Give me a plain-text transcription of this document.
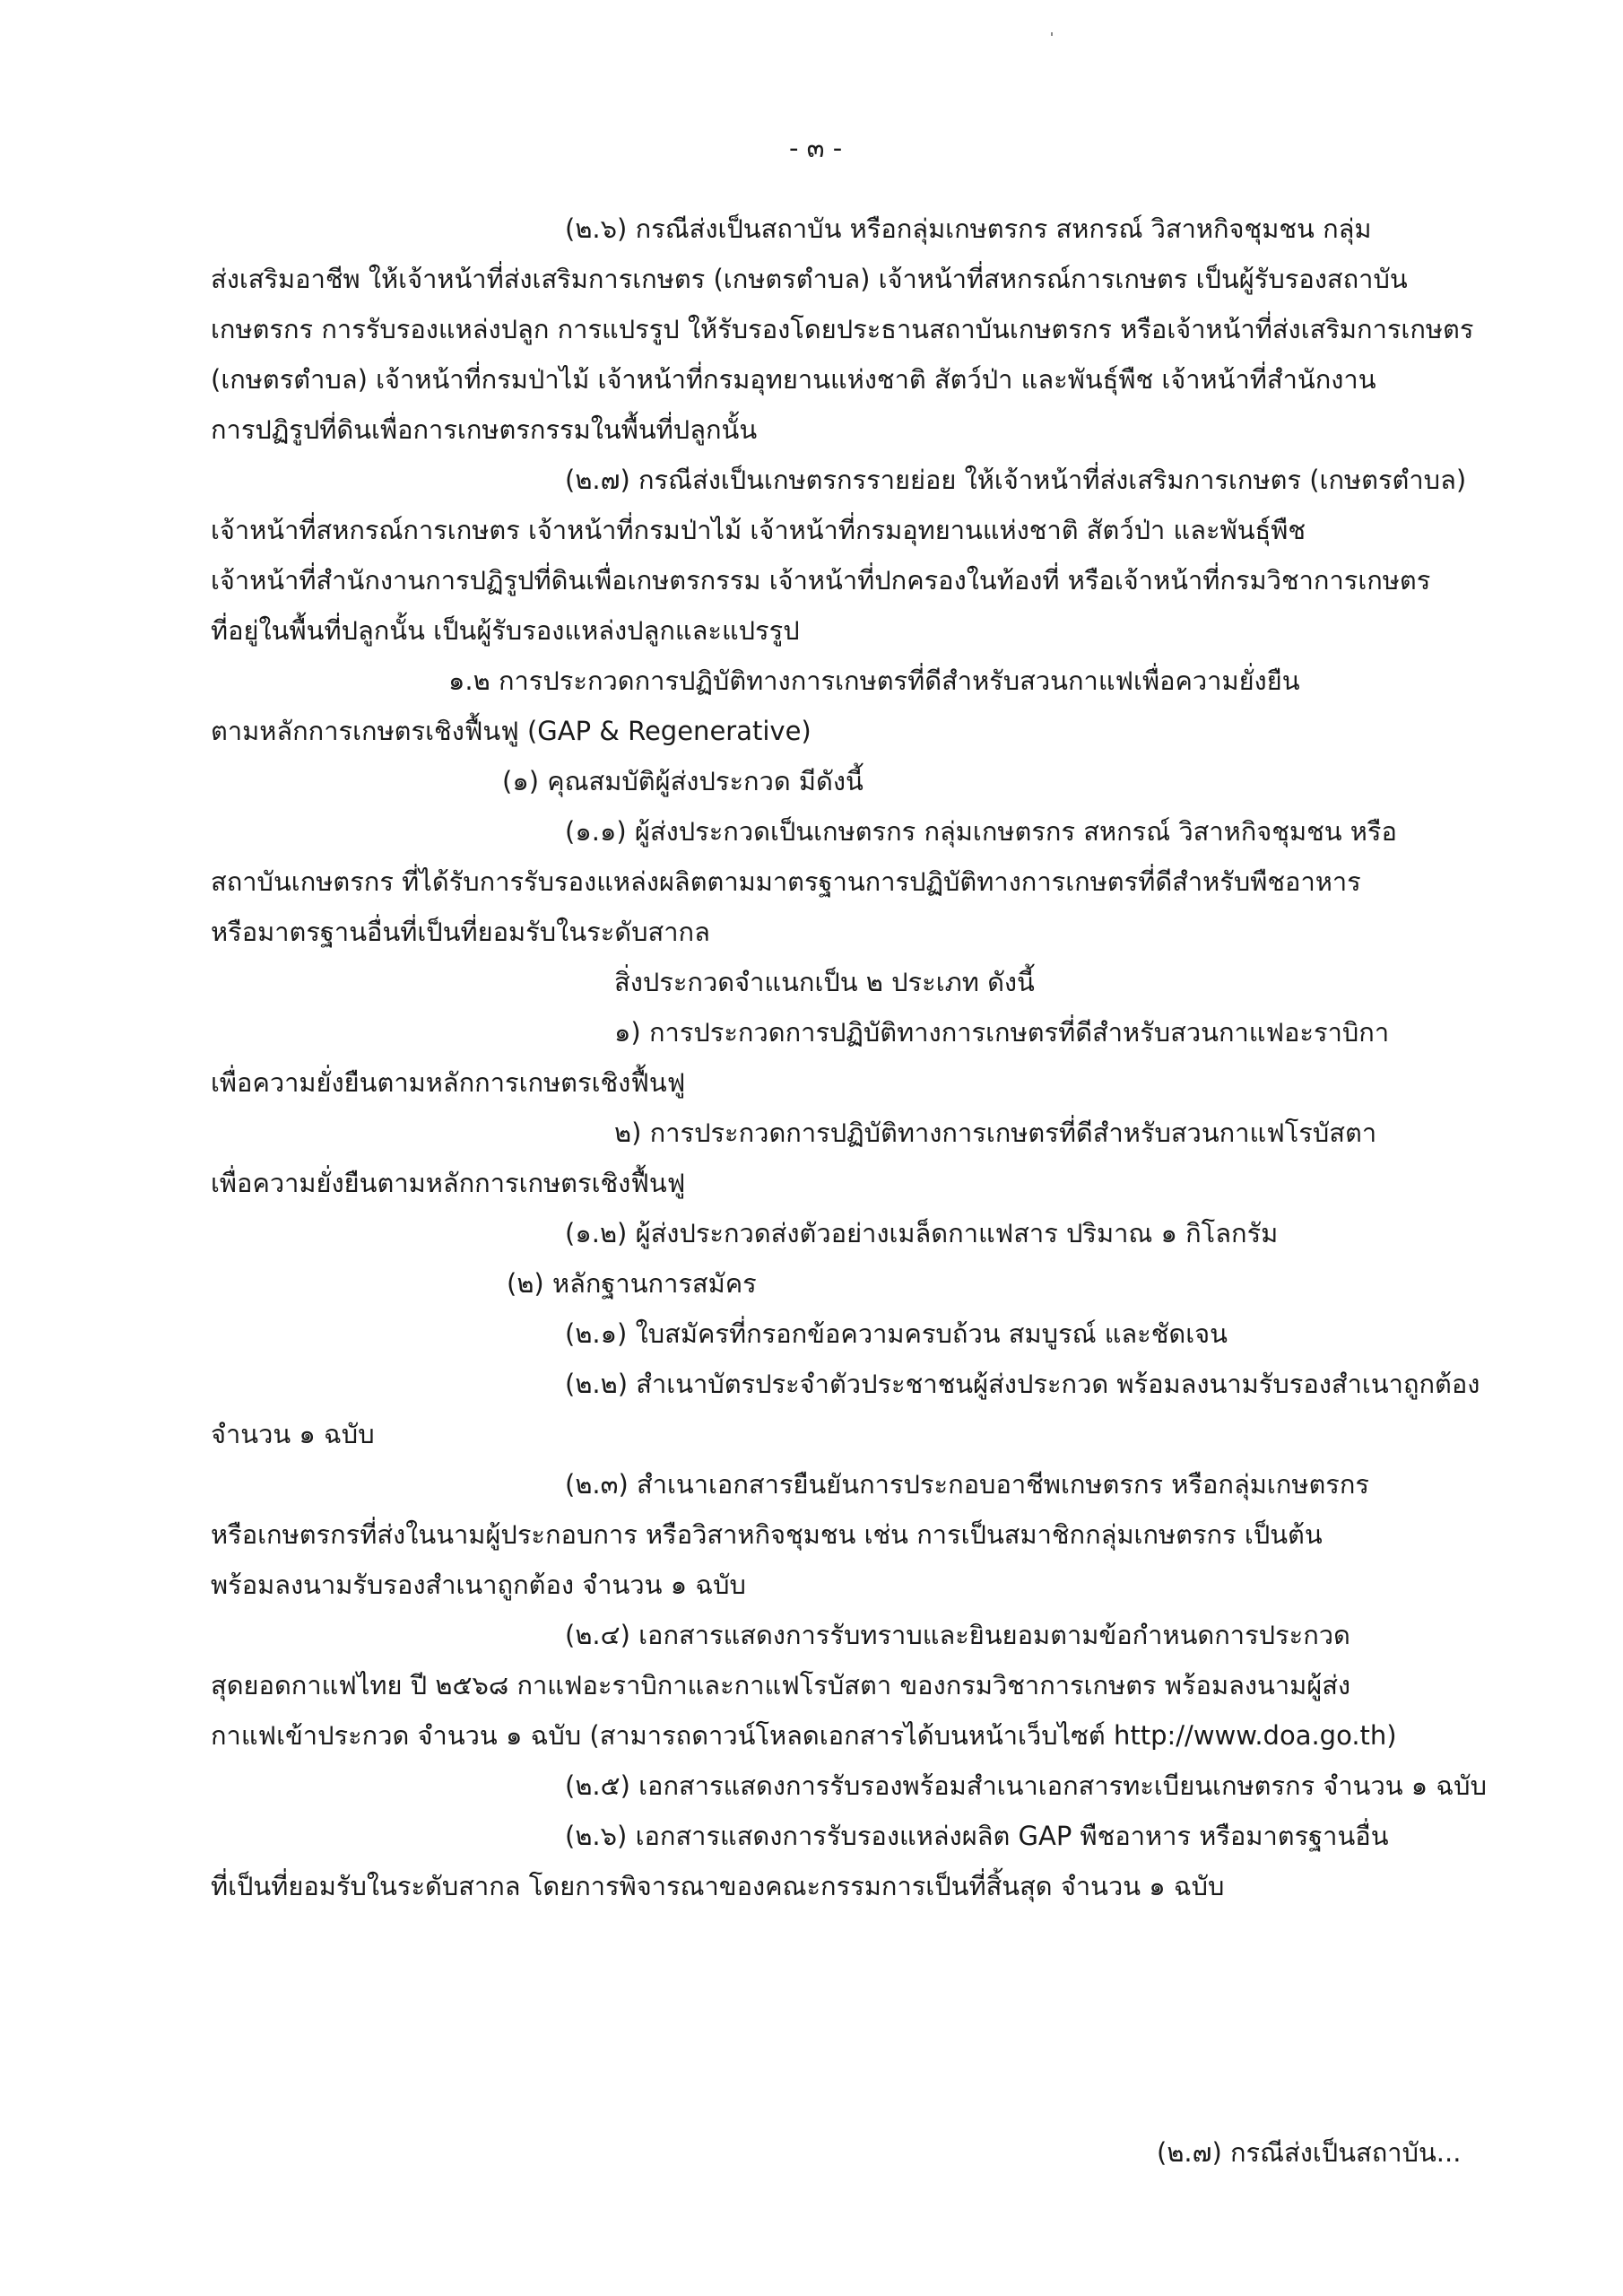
- ๓ -
(๒.๖) กรณีส่งเป็นสถาบัน หรือกลุ่มเกษตรกร สหกรณ์ วิสาหกิจชุมชน กลุ่ม
ส่งเสริมอาชีพ ให้เจ้าหน้าที่ส่งเสริมการเกษตร (เกษตรตำบล) เจ้าหน้าที่สหกรณ์การเกษตร เป็นผู้รับรองสถาบัน
เกษตรกร การรับรองแหล่งปลูก การแปรรูป ให้รับรองโดยประธานสถาบันเกษตรกร หรือเจ้าหน้าที่ส่งเสริมการเกษตร
(เกษตรตำบล) เจ้าหน้าที่กรมป่าไม้ เจ้าหน้าที่กรมอุทยานแห่งชาติ สัตว์ป่า และพันธุ์พืช เจ้าหน้าที่สำนักงาน
การปฏิรูปที่ดินเพื่อการเกษตรกรรมในพื้นที่ปลูกนั้น
(๒.๗) กรณีส่งเป็นเกษตรกรรายย่อย ให้เจ้าหน้าที่ส่งเสริมการเกษตร (เกษตรตำบล)
เจ้าหน้าที่สหกรณ์การเกษตร เจ้าหน้าที่กรมป่าไม้ เจ้าหน้าที่กรมอุทยานแห่งชาติ สัตว์ป่า และพันธุ์พืช
เจ้าหน้าที่สำนักงานการปฏิรูปที่ดินเพื่อเกษตรกรรม เจ้าหน้าที่ปกครองในท้องที่ หรือเจ้าหน้าที่กรมวิชาการเกษตร
ที่อยู่ในพื้นที่ปลูกนั้น เป็นผู้รับรองแหล่งปลูกและแปรรูป
๑.๒ การประกวดการปฏิบัติทางการเกษตรที่ดีสำหรับสวนกาแฟเพื่อความยั่งยืน
ตามหลักการเกษตรเชิงฟื้นฟู (GAP & Regenerative)
(๑) คุณสมบัติผู้ส่งประกวด มีดังนี้
(๑.๑) ผู้ส่งประกวดเป็นเกษตรกร กลุ่มเกษตรกร สหกรณ์ วิสาหกิจชุมชน หรือ
สถาบันเกษตรกร ที่ได้รับการรับรองแหล่งผลิตตามมาตรฐานการปฏิบัติทางการเกษตรที่ดีสำหรับพืชอาหาร
หรือมาตรฐานอื่นที่เป็นที่ยอมรับในระดับสากล
สิ่งประกวดจำแนกเป็น ๒ ประเภท ดังนี้
๑) การประกวดการปฏิบัติทางการเกษตรที่ดีสำหรับสวนกาแฟอะราบิกา
เพื่อความยั่งยืนตามหลักการเกษตรเชิงฟื้นฟู
๒) การประกวดการปฏิบัติทางการเกษตรที่ดีสำหรับสวนกาแฟโรบัสตา
เพื่อความยั่งยืนตามหลักการเกษตรเชิงฟื้นฟู
(๑.๒) ผู้ส่งประกวดส่งตัวอย่างเมล็ดกาแฟสาร ปริมาณ ๑ กิโลกรัม
(๒) หลักฐานการสมัคร
(๒.๑) ใบสมัครที่กรอกข้อความครบถ้วน สมบูรณ์ และชัดเจน
(๒.๒) สำเนาบัตรประจำตัวประชาชนผู้ส่งประกวด พร้อมลงนามรับรองสำเนาถูกต้อง
จำนวน ๑ ฉบับ
(๒.๓) สำเนาเอกสารยืนยันการประกอบอาชีพเกษตรกร หรือกลุ่มเกษตรกร
หรือเกษตรกรที่ส่งในนามผู้ประกอบการ หรือวิสาหกิจชุมชน เช่น การเป็นสมาชิกกลุ่มเกษตรกร เป็นต้น
พร้อมลงนามรับรองสำเนาถูกต้อง จำนวน ๑ ฉบับ
(๒.๔) เอกสารแสดงการรับทราบและยินยอมตามข้อกำหนดการประกวด
สุดยอดกาแฟไทย ปี ๒๕๖๘ กาแฟอะราบิกาและกาแฟโรบัสตา ของกรมวิชาการเกษตร พร้อมลงนามผู้ส่ง
กาแฟเข้าประกวด จำนวน ๑ ฉบับ (สามารถดาวน์โหลดเอกสารได้บนหน้าเว็บไซต์ http://www.doa.go.th)
(๒.๕) เอกสารแสดงการรับรองพร้อมสำเนาเอกสารทะเบียนเกษตรกร จำนวน ๑ ฉบับ
(๒.๖) เอกสารแสดงการรับรองแหล่งผลิต GAP พืชอาหาร หรือมาตรฐานอื่น
ที่เป็นที่ยอมรับในระดับสากล โดยการพิจารณาของคณะกรรมการเป็นที่สิ้นสุด จำนวน ๑ ฉบับ
(๒.๗) กรณีส่งเป็นสถาบัน...
